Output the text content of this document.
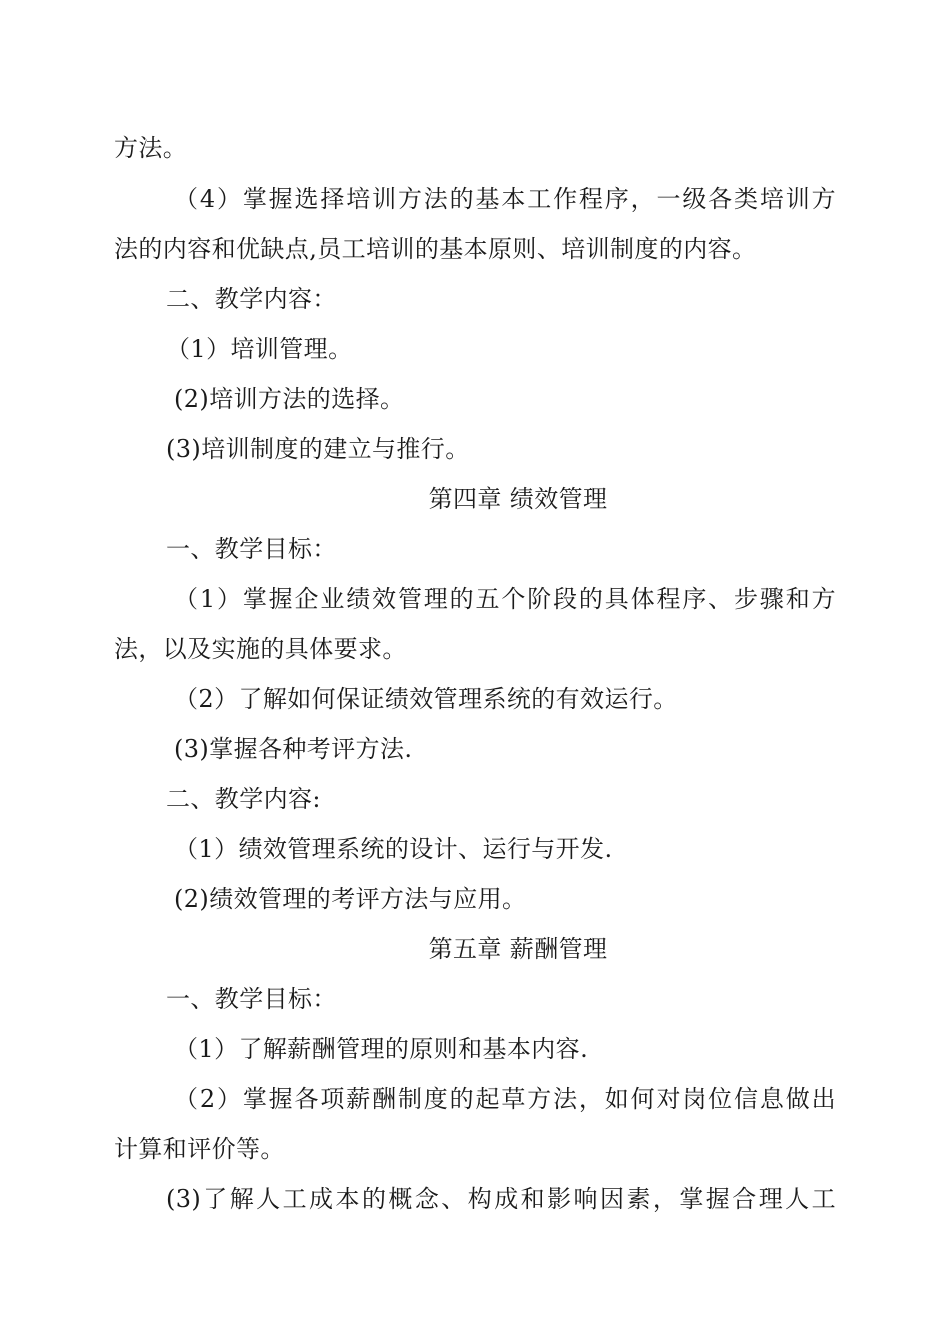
方法。
（4）掌握选择培训方法的基本工作程序，一级各类培训方
法的内容和优缺点,员工培训的基本原则、培训制度的内容。
二、教学内容：
（1）培训管理。
(2)培训方法的选择。
(3)培训制度的建立与推行。
第四章 绩效管理
一、教学目标：
（1）掌握企业绩效管理的五个阶段的具体程序、步骤和方
法，以及实施的具体要求。
（2）了解如何保证绩效管理系统的有效运行。
(3)掌握各种考评方法.
二、教学内容:
（1）绩效管理系统的设计、运行与开发.
(2)绩效管理的考评方法与应用。
第五章 薪酬管理
一、教学目标：
（1）了解薪酬管理的原则和基本内容.
（2）掌握各项薪酬制度的起草方法，如何对岗位信息做出
计算和评价等。
(3)了解人工成本的概念、构成和影响因素，掌握合理人工
